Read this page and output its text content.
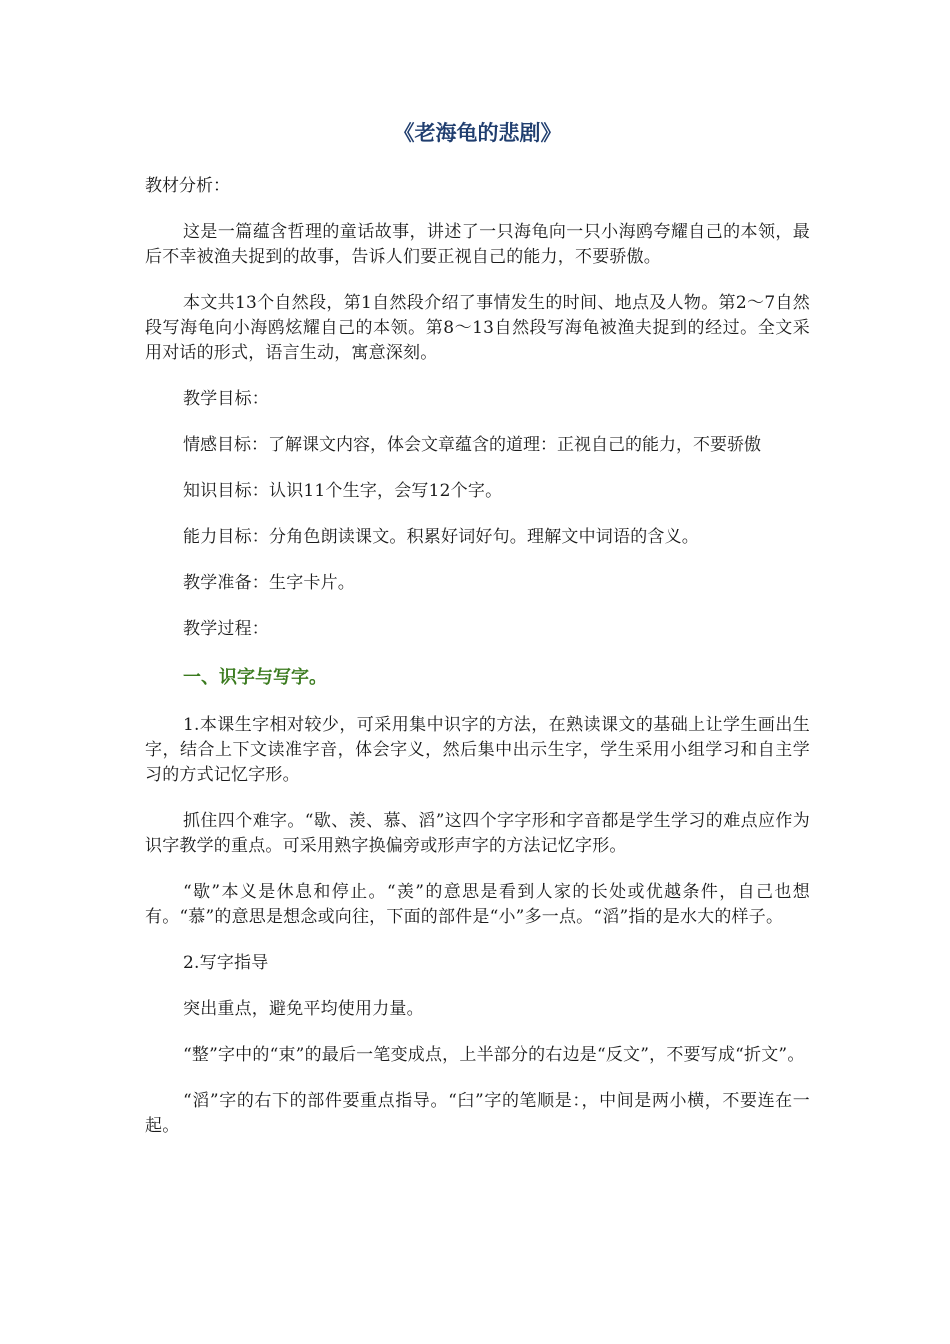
《老海龟的悲剧》
教材分析：
这是一篇蕴含哲理的童话故事，讲述了一只海龟向一只小海鸥夸耀自己的本领，最后不幸被渔夫捉到的故事，告诉人们要正视自己的能力，不要骄傲。
本文共13个自然段，第1自然段介绍了事情发生的时间、地点及人物。第2～7自然段写海龟向小海鸥炫耀自己的本领。第8～13自然段写海龟被渔夫捉到的经过。全文采用对话的形式，语言生动，寓意深刻。
教学目标：
情感目标：了解课文内容，体会文章蕴含的道理：正视自己的能力，不要骄傲
知识目标：认识11个生字，会写12个字。
能力目标：分角色朗读课文。积累好词好句。理解文中词语的含义。
教学准备：生字卡片。
教学过程：
一、识字与写字。
1.本课生字相对较少，可采用集中识字的方法，在熟读课文的基础上让学生画出生字，结合上下文读准字音，体会字义，然后集中出示生字，学生采用小组学习和自主学习的方式记忆字形。
抓住四个难字。“歇、羡、慕、滔”这四个字字形和字音都是学生学习的难点应作为识字教学的重点。可采用熟字换偏旁或形声字的方法记忆字形。
“歇”本义是休息和停止。“羡”的意思是看到人家的长处或优越条件，自己也想有。“慕”的意思是想念或向往，下面的部件是“小”多一点。“滔”指的是水大的样子。
2.写字指导
突出重点，避免平均使用力量。
“整”字中的“束”的最后一笔变成点，上半部分的右边是“反文”，不要写成“折文”。
“滔”字的右下的部件要重点指导。“臼”字的笔顺是：，中间是两小横，不要连在一起。
